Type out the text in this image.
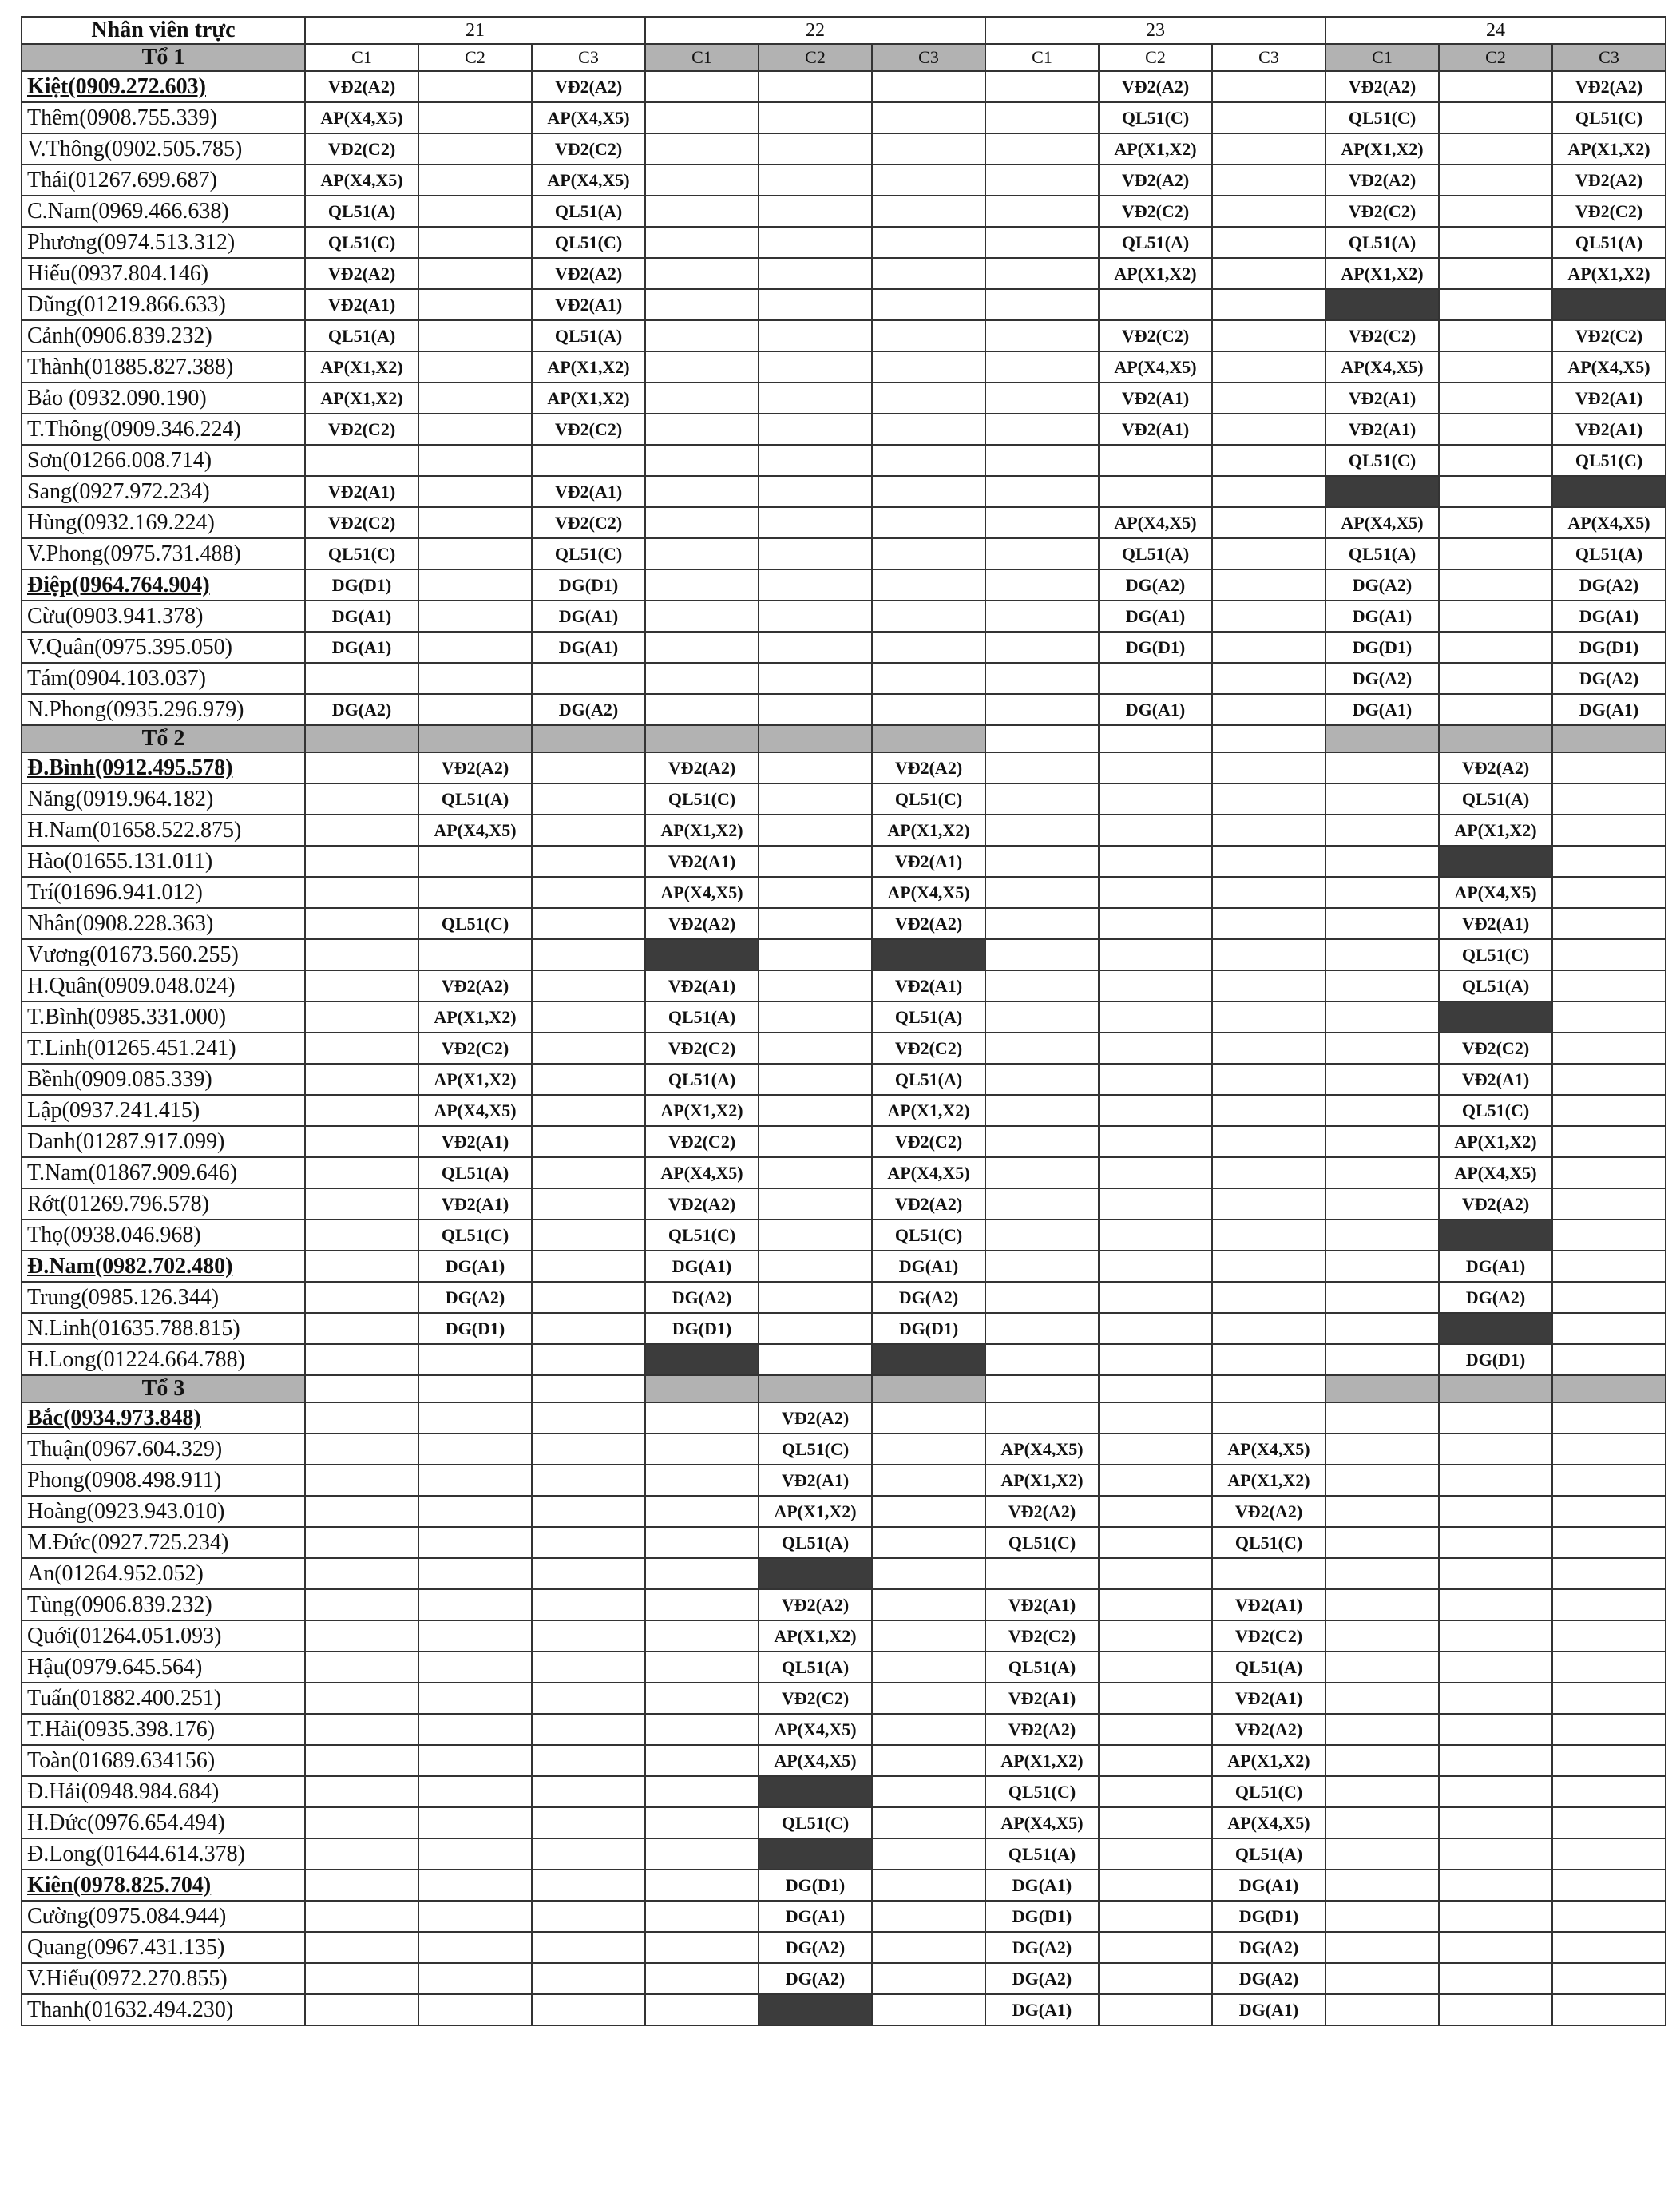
Nhân viên trực	21			22			23			24		
Tổ 1	C1	C2	C3	C1	C2	C3	C1	C2	C3	C1	C2	C3
Kiệt(0909.272.603)	VĐ2(A2)		VĐ2(A2)					VĐ2(A2)		VĐ2(A2)		VĐ2(A2)
Thêm(0908.755.339)	AP(X4,X5)		AP(X4,X5)					QL51(C)		QL51(C)		QL51(C)
V.Thông(0902.505.785)	VĐ2(C2)		VĐ2(C2)					AP(X1,X2)		AP(X1,X2)		AP(X1,X2)
Thái(01267.699.687)	AP(X4,X5)		AP(X4,X5)					VĐ2(A2)		VĐ2(A2)		VĐ2(A2)
C.Nam(0969.466.638)	QL51(A)		QL51(A)					VĐ2(C2)		VĐ2(C2)		VĐ2(C2)
Phương(0974.513.312)	QL51(C)		QL51(C)					QL51(A)		QL51(A)		QL51(A)
Hiếu(0937.804.146)	VĐ2(A2)		VĐ2(A2)					AP(X1,X2)		AP(X1,X2)		AP(X1,X2)
Dũng(01219.866.633)	VĐ2(A1)		VĐ2(A1)									
Cảnh(0906.839.232)	QL51(A)		QL51(A)					VĐ2(C2)		VĐ2(C2)		VĐ2(C2)
Thành(01885.827.388)	AP(X1,X2)		AP(X1,X2)					AP(X4,X5)		AP(X4,X5)		AP(X4,X5)
Bảo (0932.090.190)	AP(X1,X2)		AP(X1,X2)					VĐ2(A1)		VĐ2(A1)		VĐ2(A1)
T.Thông(0909.346.224)	VĐ2(C2)		VĐ2(C2)					VĐ2(A1)		VĐ2(A1)		VĐ2(A1)
Sơn(01266.008.714)										QL51(C)		QL51(C)
Sang(0927.972.234)	VĐ2(A1)		VĐ2(A1)									
Hùng(0932.169.224)	VĐ2(C2)		VĐ2(C2)					AP(X4,X5)		AP(X4,X5)		AP(X4,X5)
V.Phong(0975.731.488)	QL51(C)		QL51(C)					QL51(A)		QL51(A)		QL51(A)
Điệp(0964.764.904)	DG(D1)		DG(D1)					DG(A2)		DG(A2)		DG(A2)
Cừu(0903.941.378)	DG(A1)		DG(A1)					DG(A1)		DG(A1)		DG(A1)
V.Quân(0975.395.050)	DG(A1)		DG(A1)					DG(D1)		DG(D1)		DG(D1)
Tám(0904.103.037)										DG(A2)		DG(A2)
N.Phong(0935.296.979)	DG(A2)		DG(A2)					DG(A1)		DG(A1)		DG(A1)
Tổ 2												
Đ.Bình(0912.495.578)		VĐ2(A2)		VĐ2(A2)		VĐ2(A2)					VĐ2(A2)	
Năng(0919.964.182)		QL51(A)		QL51(C)		QL51(C)					QL51(A)	
H.Nam(01658.522.875)		AP(X4,X5)		AP(X1,X2)		AP(X1,X2)					AP(X1,X2)	
Hào(01655.131.011)				VĐ2(A1)		VĐ2(A1)						
Trí(01696.941.012)				AP(X4,X5)		AP(X4,X5)					AP(X4,X5)	
Nhân(0908.228.363)		QL51(C)		VĐ2(A2)		VĐ2(A2)					VĐ2(A1)	
Vương(01673.560.255)											QL51(C)	
H.Quân(0909.048.024)		VĐ2(A2)		VĐ2(A1)		VĐ2(A1)					QL51(A)	
T.Bình(0985.331.000)		AP(X1,X2)		QL51(A)		QL51(A)						
T.Linh(01265.451.241)		VĐ2(C2)		VĐ2(C2)		VĐ2(C2)					VĐ2(C2)	
Bềnh(0909.085.339)		AP(X1,X2)		QL51(A)		QL51(A)					VĐ2(A1)	
Lập(0937.241.415)		AP(X4,X5)		AP(X1,X2)		AP(X1,X2)					QL51(C)	
Danh(01287.917.099)		VĐ2(A1)		VĐ2(C2)		VĐ2(C2)					AP(X1,X2)	
T.Nam(01867.909.646)		QL51(A)		AP(X4,X5)		AP(X4,X5)					AP(X4,X5)	
Rớt(01269.796.578)		VĐ2(A1)		VĐ2(A2)		VĐ2(A2)					VĐ2(A2)	
Thọ(0938.046.968)		QL51(C)		QL51(C)		QL51(C)						
Đ.Nam(0982.702.480)		DG(A1)		DG(A1)		DG(A1)					DG(A1)	
Trung(0985.126.344)		DG(A2)		DG(A2)		DG(A2)					DG(A2)	
N.Linh(01635.788.815)		DG(D1)		DG(D1)		DG(D1)						
H.Long(01224.664.788)											DG(D1)	
Tổ 3												
Bắc(0934.973.848)					VĐ2(A2)							
Thuận(0967.604.329)					QL51(C)		AP(X4,X5)		AP(X4,X5)			
Phong(0908.498.911)					VĐ2(A1)		AP(X1,X2)		AP(X1,X2)			
Hoàng(0923.943.010)					AP(X1,X2)		VĐ2(A2)		VĐ2(A2)			
M.Đức(0927.725.234)					QL51(A)		QL51(C)		QL51(C)			
An(01264.952.052)												
Tùng(0906.839.232)					VĐ2(A2)		VĐ2(A1)		VĐ2(A1)			
Quới(01264.051.093)					AP(X1,X2)		VĐ2(C2)		VĐ2(C2)			
Hậu(0979.645.564)					QL51(A)		QL51(A)		QL51(A)			
Tuấn(01882.400.251)					VĐ2(C2)		VĐ2(A1)		VĐ2(A1)			
T.Hải(0935.398.176)					AP(X4,X5)		VĐ2(A2)		VĐ2(A2)			
Toàn(01689.634156)					AP(X4,X5)		AP(X1,X2)		AP(X1,X2)			
Đ.Hải(0948.984.684)							QL51(C)		QL51(C)			
H.Đức(0976.654.494)					QL51(C)		AP(X4,X5)		AP(X4,X5)			
Đ.Long(01644.614.378)							QL51(A)		QL51(A)			
Kiên(0978.825.704)					DG(D1)		DG(A1)		DG(A1)			
Cường(0975.084.944)					DG(A1)		DG(D1)		DG(D1)			
Quang(0967.431.135)					DG(A2)		DG(A2)		DG(A2)			
V.Hiếu(0972.270.855)					DG(A2)		DG(A2)		DG(A2)			
Thanh(01632.494.230)							DG(A1)		DG(A1)			
